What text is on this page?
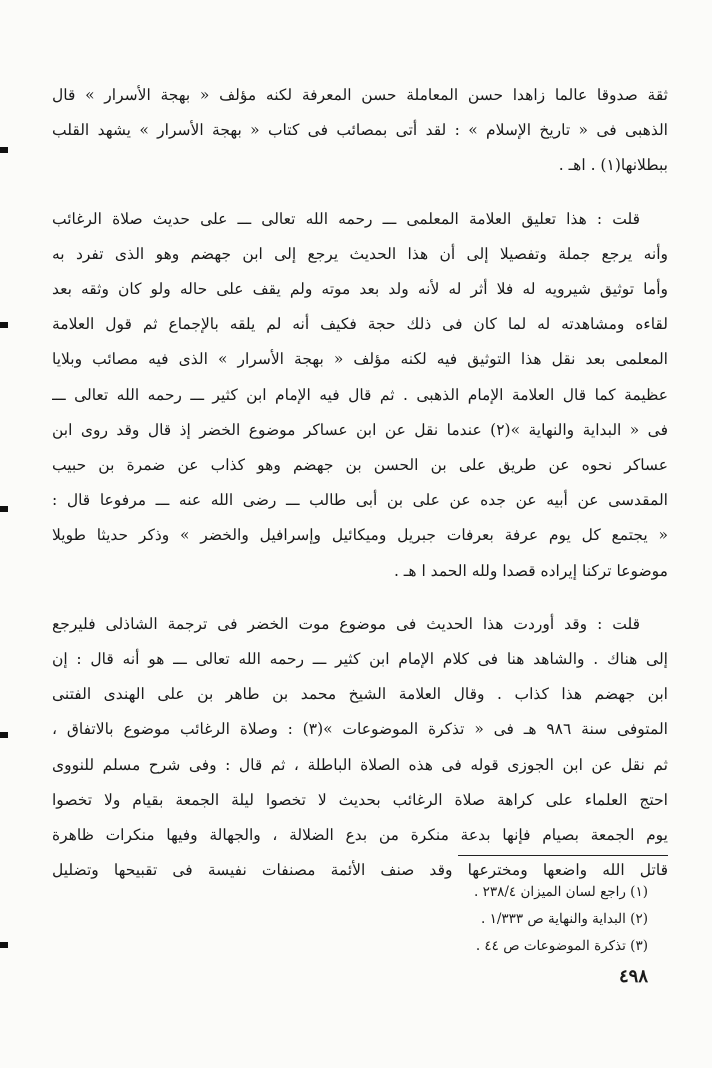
ثقة صدوقا عالما زاهدا حسن المعاملة حسن المعرفة لكنه مؤلف « بهجة الأسرار » قال
الذهبى فى « تاريخ الإسلام » : لقد أتى بمصائب فى كتاب « بهجة الأسرار » يشهد القلب
ببطلانها(١) . اهـ .

قلت : هذا تعليق العلامة المعلمى ـــ رحمه الله تعالى ـــ على حديث صلاة الرغائب
وأنه يرجع جملة وتفصيلا إلى أن هذا الحديث يرجع إلى ابن جهضم وهو الذى تفرد به
وأما توثيق شيرويه له فلا أثر له لأنه ولد بعد موته ولم يقف على حاله ولو كان وثقه بعد
لقاءه ومشاهدته له لما كان فى ذلك حجة فكيف أنه لم يلقه بالإجماع ثم قول العلامة
المعلمى بعد نقل هذا التوثيق فيه لكنه مؤلف « بهجة الأسرار » الذى فيه مصائب وبلايا
عظيمة كما قال العلامة الإمام الذهبى . ثم قال فيه الإمام ابن كثير ـــ رحمه الله تعالى ـــ
فى « البداية والنهاية »(٢) عندما نقل عن ابن عساكر موضوع الخضر إذ قال وقد روى ابن
عساكر نحوه عن طريق على بن الحسن بن جهضم وهو كذاب عن ضمرة بن حبيب
المقدسى عن أبيه عن جده عن على بن أبى طالب ـــ رضى الله عنه ـــ مرفوعا قال :
« يجتمع كل يوم عرفة بعرفات جبريل وميكائيل وإسرافيل والخضر » وذكر حديثا طويلا
موضوعا تركنا إيراده قصدا ولله الحمد ا هـ .

قلت : وقد أوردت هذا الحديث فى موضوع موت الخضر فى ترجمة الشاذلى فليرجع
إلى هناك . والشاهد هنا فى كلام الإمام ابن كثير ـــ رحمه الله تعالى ـــ هو أنه قال : إن
ابن جهضم هذا كذاب . وقال العلامة الشيخ محمد بن طاهر بن على الهندى الفتنى
المتوفى سنة ٩٨٦ هـ فى « تذكرة الموضوعات »(٣) : وصلاة الرغائب موضوع بالاتفاق ،
ثم نقل عن ابن الجوزى قوله فى هذه الصلاة الباطلة ، ثم قال : وفى شرح مسلم للنووى
احتج العلماء على كراهة صلاة الرغائب بحديث لا تخصوا ليلة الجمعة بقيام ولا تخصوا
يوم الجمعة بصيام فإنها بدعة منكرة من بدع الضلالة ، والجهالة وفيها منكرات ظاهرة
قاتل الله واضعها ومخترعها وقد صنف الأئمة مصنفات نفيسة فى تقبيحها وتضليل

(١) راجع لسان الميزان ٢٣٨/٤ .
(٢) البداية والنهاية ص ١/٣٣٣ .
(٣) تذكرة الموضوعات ص ٤٤ .
٤٩٨
